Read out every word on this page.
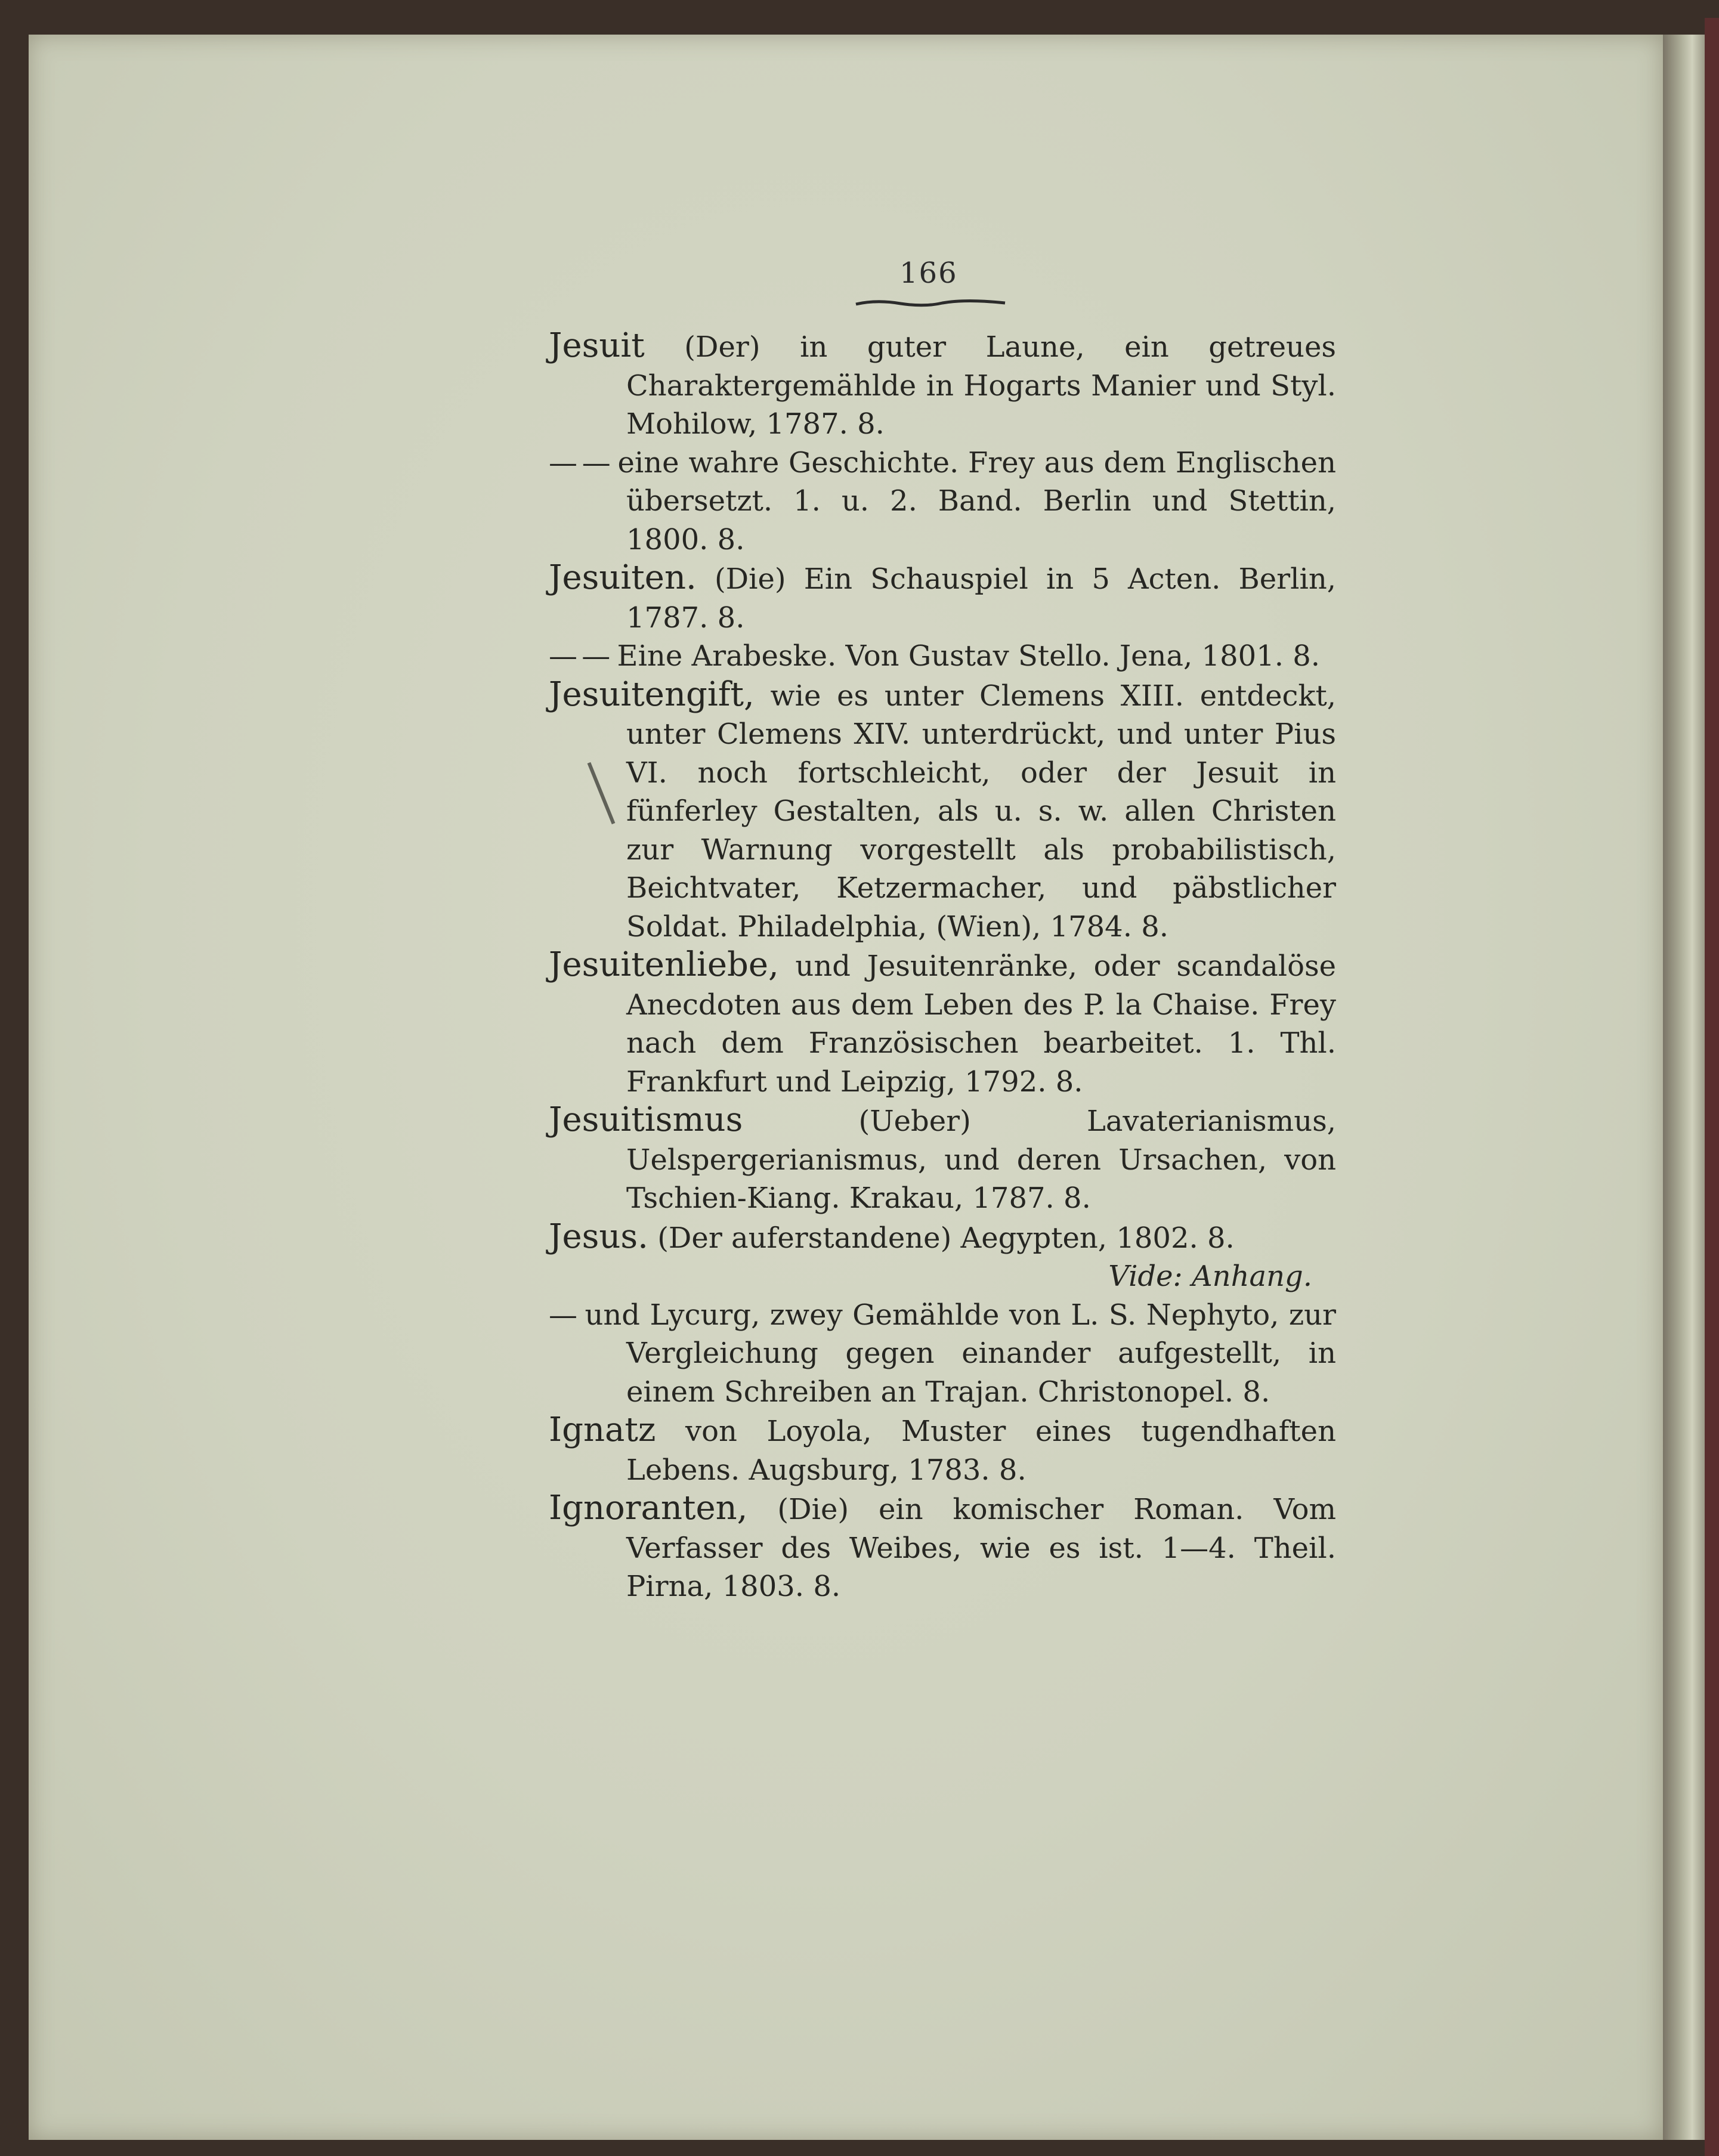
166
Jesuit (Der) in guter Laune, ein getreues Charaktergemählde in Hogarts Manier und Styl. Mohilow, 1787. 8.
— — eine wahre Geschichte. Frey aus dem Englischen übersetzt. 1. u. 2. Band. Berlin und Stettin, 1800. 8.
Jesuiten. (Die) Ein Schauspiel in 5 Acten. Berlin, 1787. 8.
— — Eine Arabeske. Von Gustav Stello. Jena, 1801. 8.
Jesuitengift, wie es unter Clemens XIII. entdeckt, unter Clemens XIV. unterdrückt, und unter Pius VI. noch fortschleicht, oder der Jesuit in fünferley Gestalten, als u. s. w. allen Christen zur Warnung vorgestellt als probabilistisch, Beichtvater, Ketzermacher, und päbstlicher Soldat. Philadelphia, (Wien), 1784. 8.
Jesuitenliebe, und Jesuitenränke, oder scandalöse Anecdoten aus dem Leben des P. la Chaise. Frey nach dem Französischen bearbeitet. 1. Thl. Frankfurt und Leipzig, 1792. 8.
Jesuitismus (Ueber) Lavaterianismus, Uelspergerianismus, und deren Ursachen, von Tschien-Kiang. Krakau, 1787. 8.
Jesus. (Der auferstandene) Aegypten, 1802. 8.
Vide: Anhang.
— und Lycurg, zwey Gemählde von L. S. Nephyto, zur Vergleichung gegen einander aufgestellt, in einem Schreiben an Trajan. Christonopel. 8.
Ignatz von Loyola, Muster eines tugendhaften Lebens. Augsburg, 1783. 8.
Ignoranten, (Die) ein komischer Roman. Vom Verfasser des Weibes, wie es ist. 1—4. Theil. Pirna, 1803. 8.
